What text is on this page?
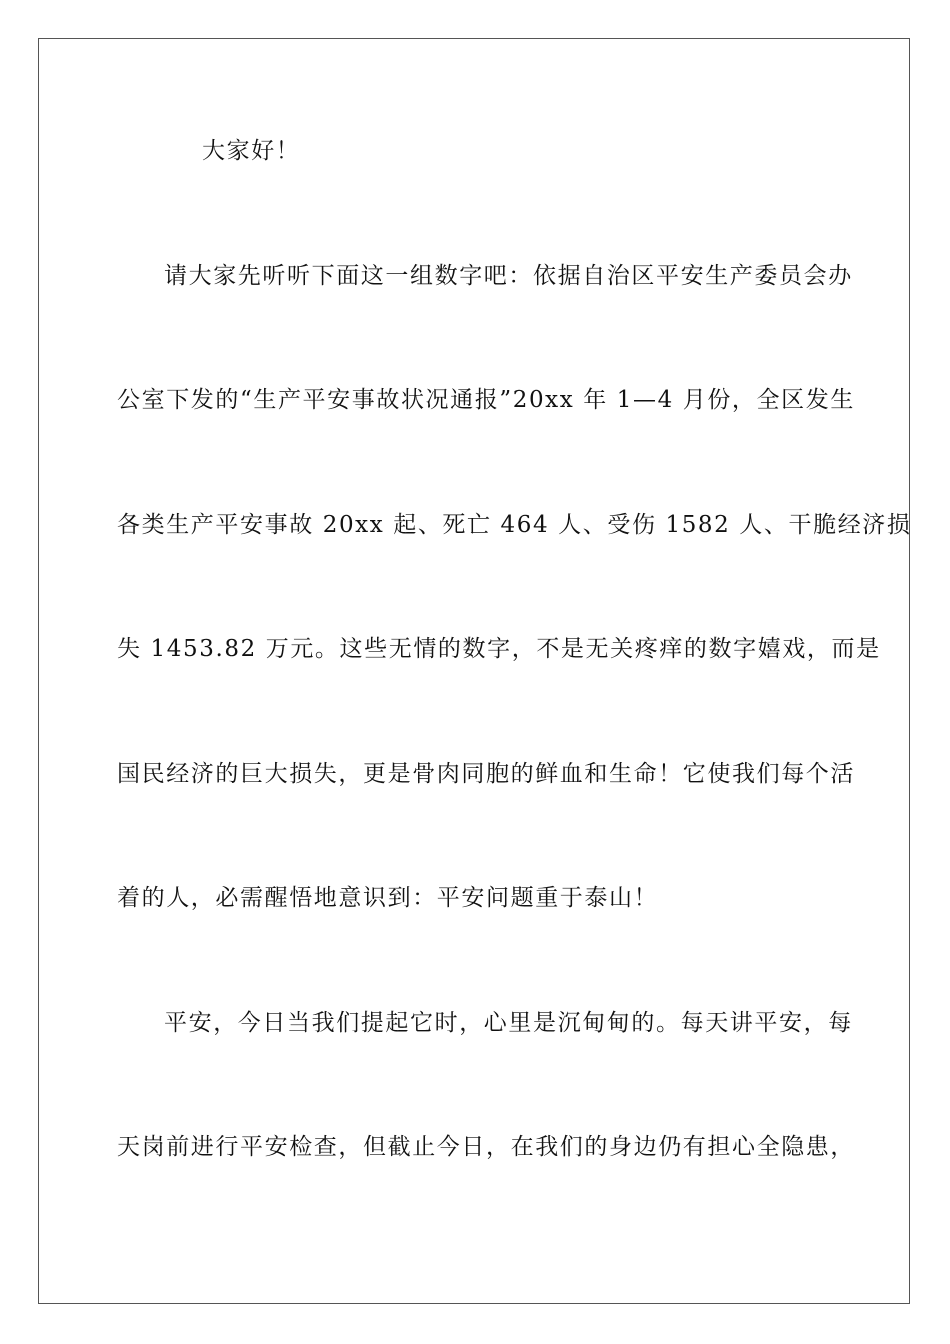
大家好！
请大家先听听下面这一组数字吧：依据自治区平安生产委员会办
公室下发的“生产平安事故状况通报”20xx 年 1—4 月份，全区发生
各类生产平安事故 20xx 起、死亡 464 人、受伤 1582 人、干脆经济损
失 1453.82 万元。这些无情的数字，不是无关疼痒的数字嬉戏，而是
国民经济的巨大损失，更是骨肉同胞的鲜血和生命！它使我们每个活
着的人，必需醒悟地意识到：平安问题重于泰山！
平安，今日当我们提起它时，心里是沉甸甸的。每天讲平安，每
天岗前进行平安检查，但截止今日，在我们的身边仍有担心全隐患，
